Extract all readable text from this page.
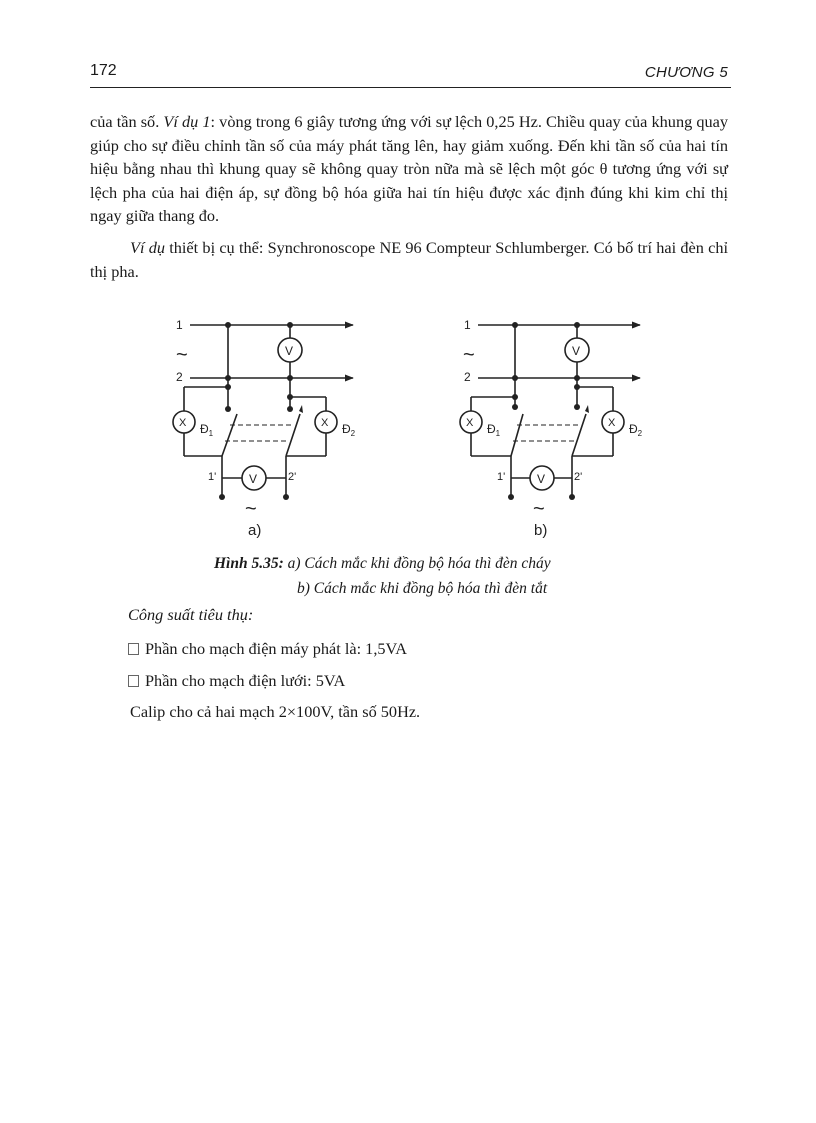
172	CHƯƠNG 5

của tần số. Ví dụ 1: vòng trong 6 giây tương ứng với sự lệch 0,25 Hz. Chiều quay của khung quay giúp cho sự điều chỉnh tần số của máy phát tăng lên, hay giảm xuống. Đến khi tần số của hai tín hiệu bằng nhau thì khung quay sẽ không quay tròn nữa mà sẽ lệch một góc θ tương ứng với sự lệch pha của hai điện áp, sự đồng bộ hóa giữa hai tín hiệu được xác định đúng khi kim chỉ thị ngay giữa thang đo.

Ví dụ thiết bị cụ thể: Synchronoscope NE 96 Compteur Schlumberger. Có bố trí hai đèn chỉ thị pha.

1
2
V
V
X	X
$Đ_1$	$Đ_2$
1'	2'
~
~
a)
1
2
V
V
X	X
$Đ_1$	$Đ_2$
1'	2'
~
~
b)
Hình 5.35: a) Cách mắc khi đồng bộ hóa thì đèn cháy
b) Cách mắc khi đồng bộ hóa thì đèn tắt
Công suất tiêu thụ:
Phần cho mạch điện máy phát là: 1,5VA
Phần cho mạch điện lưới: 5VA
Calip cho cả hai mạch 2×100V, tần số 50Hz.
